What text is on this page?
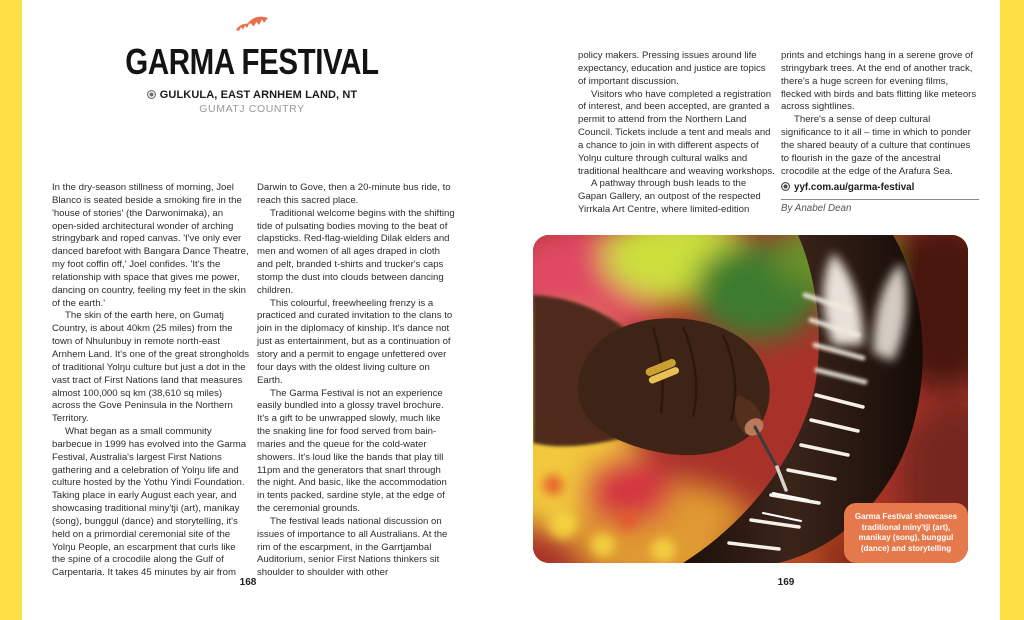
GARMA FESTIVAL
GULKULA, EAST ARNHEM LAND, NT
GUMATJ COUNTRY

In the dry-season stillness of morning, Joel Blanco is seated beside a smoking fire in the 'house of stories' (the Darwonimaka), an open-sided architectural wonder of arching stringybark and roped canvas. 'I've only ever danced barefoot with Bangara Dance Theatre, my foot coffin off,' Joel confides. 'It's the relationship with space that gives me power, dancing on country, feeling my feet in the skin of the earth.'

The skin of the earth here, on Gumatj Country, is about 40km (25 miles) from the town of Nhulunbuy in remote north-east Arnhem Land. It's one of the great strongholds of traditional Yolŋu culture but just a dot in the vast tract of First Nations land that measures almost 100,000 sq km (38,610 sq miles) across the Gove Peninsula in the Northern Territory.

What began as a small community barbecue in 1999 has evolved into the Garma Festival, Australia's largest First Nations gathering and a celebration of Yolŋu life and culture hosted by the Yothu Yindi Foundation. Taking place in early August each year, and showcasing traditional miny'tji (art), manikay (song), bunggul (dance) and storytelling, it's held on a primordial ceremonial site of the Yolŋu People, an escarpment that curls like the spine of a crocodile along the Gulf of Carpentaria. It takes 45 minutes by air from

Darwin to Gove, then a 20-minute bus ride, to reach this sacred place.

Traditional welcome begins with the shifting tide of pulsating bodies moving to the beat of clapsticks. Red-flag-wielding Dilak elders and men and women of all ages draped in cloth and pelt, branded t-shirts and trucker's caps stomp the dust into clouds between dancing children.

This colourful, freewheeling frenzy is a practiced and curated invitation to the clans to join in the diplomacy of kinship. It's dance not just as entertainment, but as a continuation of story and a permit to engage unfettered over four days with the oldest living culture on Earth.

The Garma Festival is not an experience easily bundled into a glossy travel brochure. It's a gift to be unwrapped slowly, much like the snaking line for food served from bain-maries and the queue for the cold-water showers. It's loud like the bands that play till 11pm and the generators that snarl through the night. And basic, like the accommodation in tents packed, sardine style, at the edge of the ceremonial grounds.

The festival leads national discussion on issues of importance to all Australians. At the rim of the escarpment, in the Garrtjambal Auditorium, senior First Nations thinkers sit shoulder to shoulder with other

policy makers. Pressing issues around life expectancy, education and justice are topics of important discussion.

Visitors who have completed a registration of interest, and been accepted, are granted a permit to attend from the Northern Land Council. Tickets include a tent and meals and a chance to join in with different aspects of Yolŋu culture through cultural walks and traditional healthcare and weaving workshops.

A pathway through bush leads to the Gapan Gallery, an outpost of the respected Yirrkala Art Centre, where limited-edition

prints and etchings hang in a serene grove of stringybark trees. At the end of another track, there's a huge screen for evening films, flecked with birds and bats flitting like meteors across sightlines.

There's a sense of deep cultural significance to it all – time in which to ponder the shared beauty of a culture that continues to flourish in the gaze of the ancestral crocodile at the edge of the Arafura Sea.

yyf.com.au/garma-festival
By Anabel Dean
Garma Festival showcases traditional miny'tji (art), manikay (song), bunggul (dance) and storytelling
168	169
